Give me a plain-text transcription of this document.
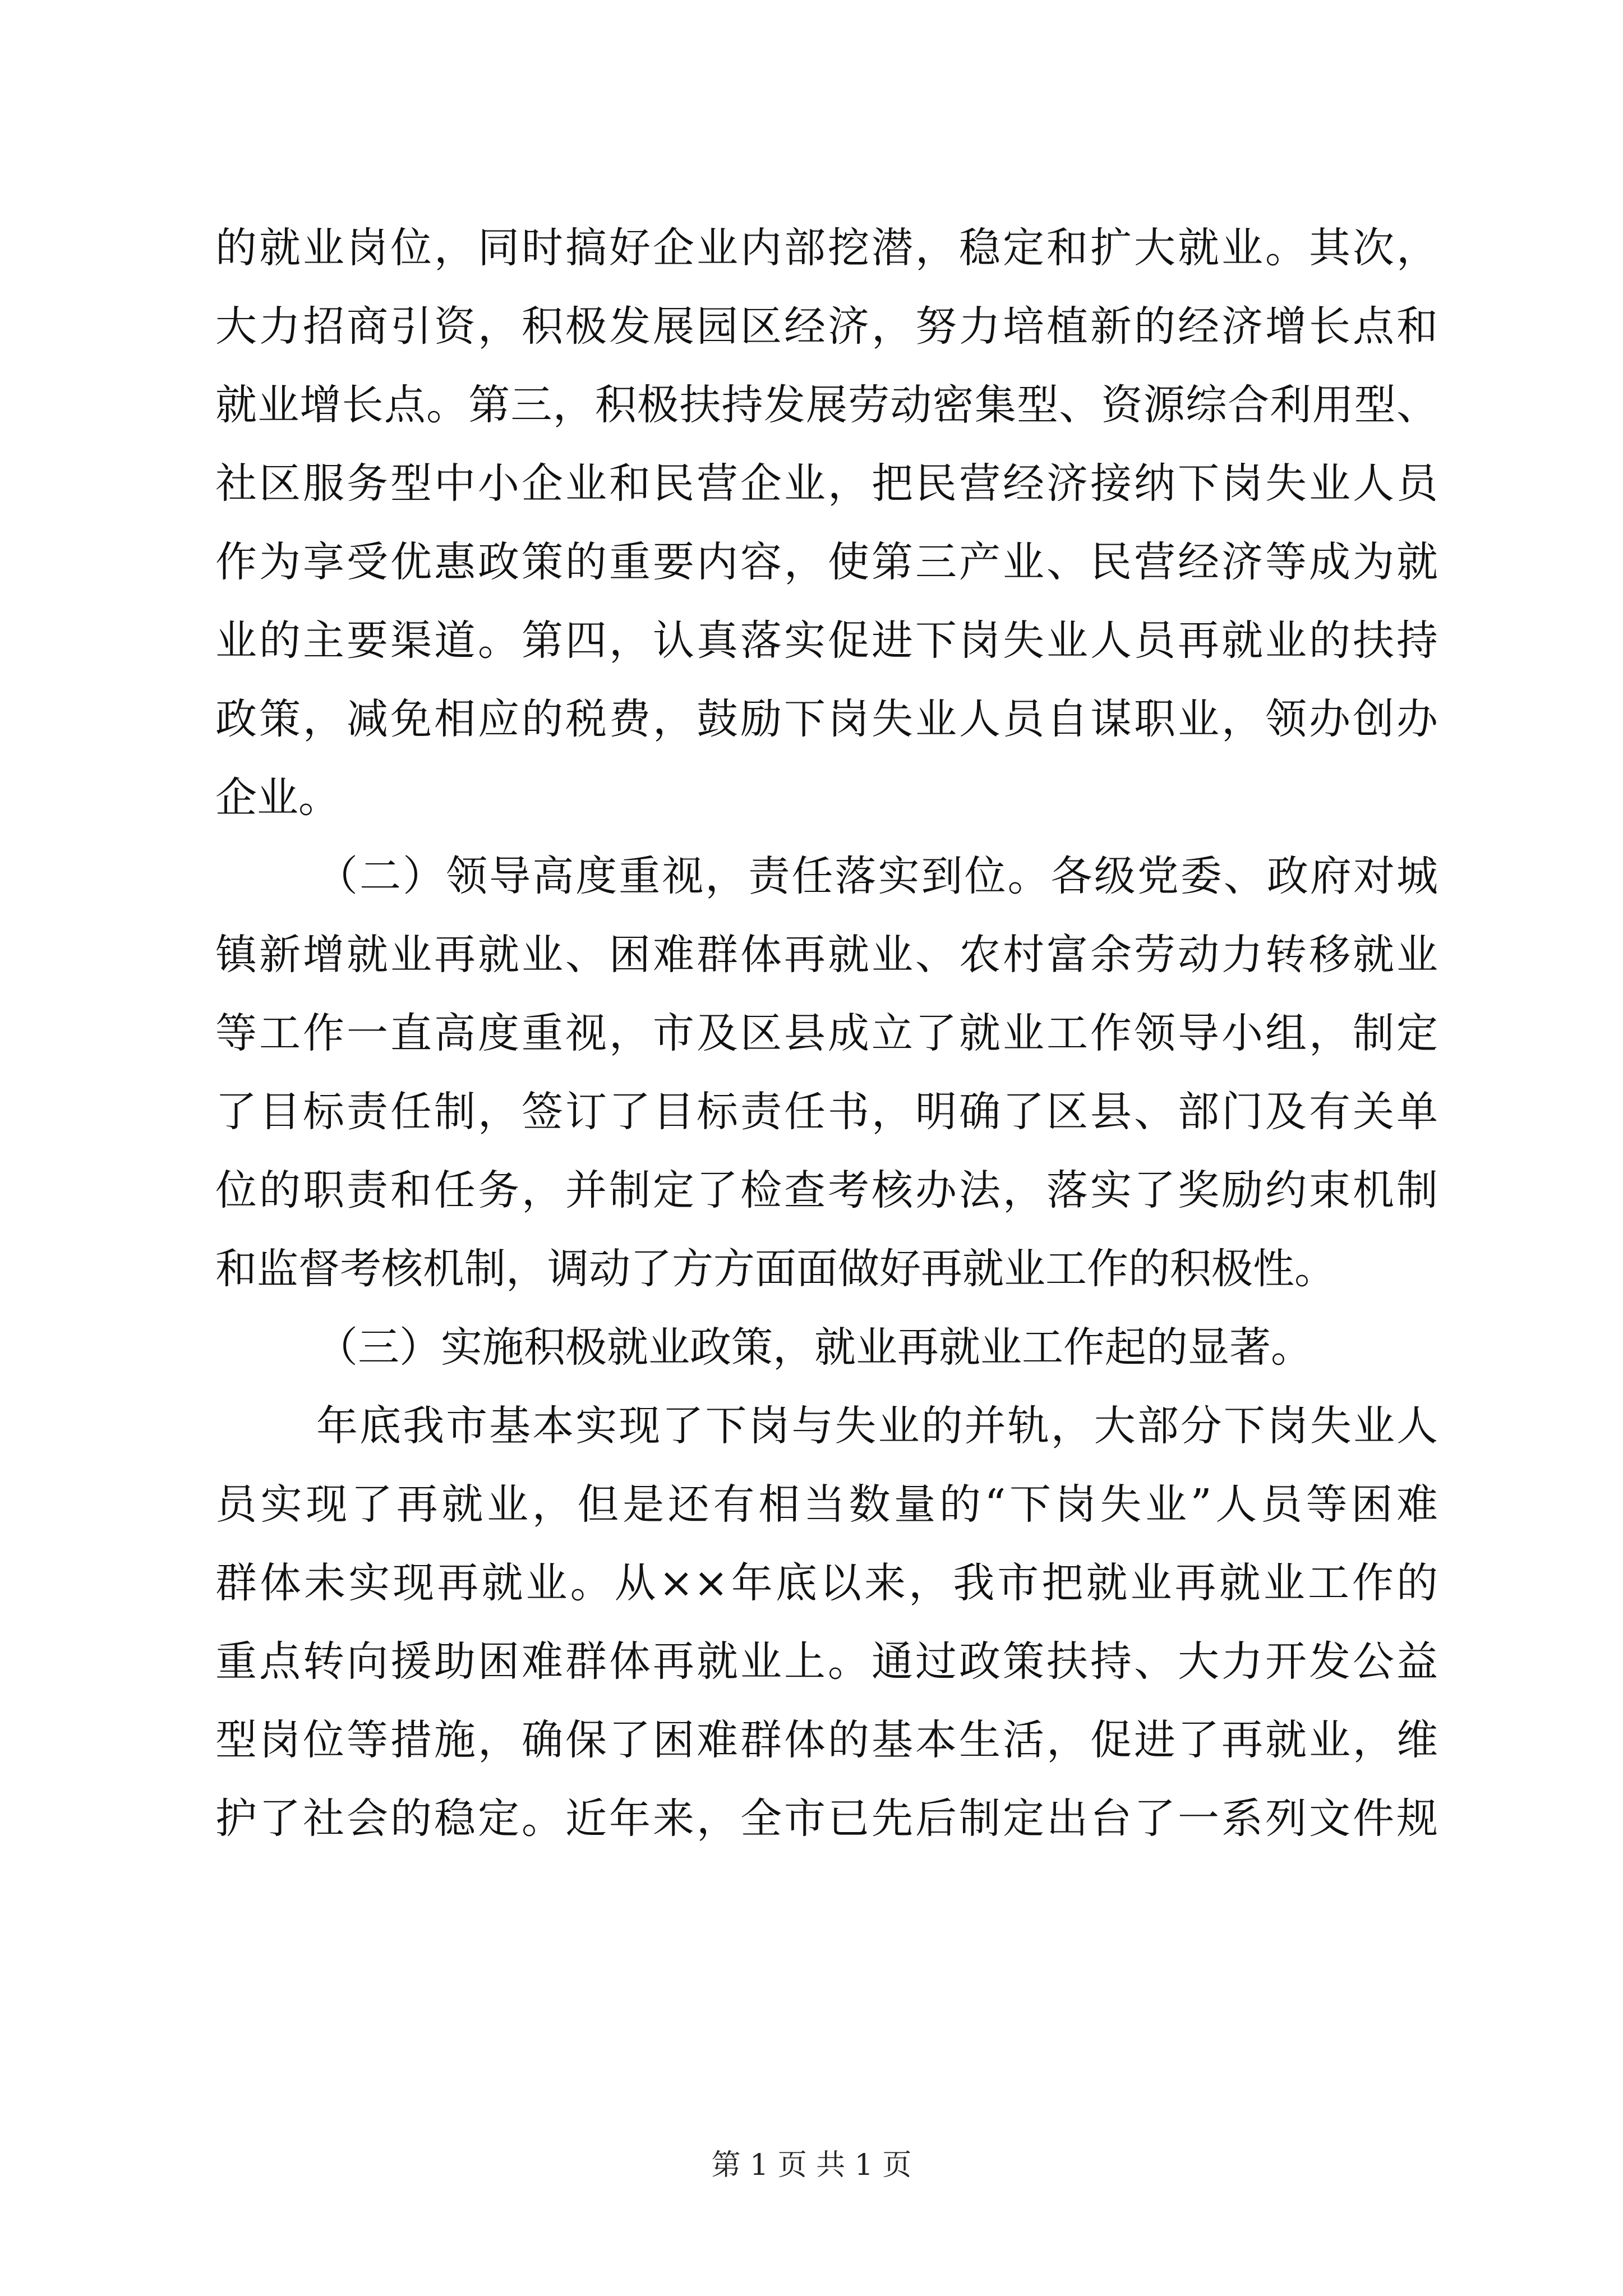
的就业岗位，同时搞好企业内部挖潜，稳定和扩大就业。其次，
大力招商引资，积极发展园区经济，努力培植新的经济增长点和
就业增长点。第三，积极扶持发展劳动密集型、资源综合利用型、
社区服务型中小企业和民营企业，把民营经济接纳下岗失业人员
作为享受优惠政策的重要内容，使第三产业、民营经济等成为就
业的主要渠道。第四，认真落实促进下岗失业人员再就业的扶持
政策，减免相应的税费，鼓励下岗失业人员自谋职业，领办创办
企业。
（二）领导高度重视，责任落实到位。各级党委、政府对城
镇新增就业再就业、困难群体再就业、农村富余劳动力转移就业
等工作一直高度重视，市及区县成立了就业工作领导小组，制定
了目标责任制，签订了目标责任书，明确了区县、部门及有关单
位的职责和任务，并制定了检查考核办法，落实了奖励约束机制
和监督考核机制，调动了方方面面做好再就业工作的积极性。
（三）实施积极就业政策，就业再就业工作起的显著。
年底我市基本实现了下岗与失业的并轨，大部分下岗失业人
员实现了再就业，但是还有相当数量的“下岗失业”人员等困难
群体未实现再就业。从××年底以来，我市把就业再就业工作的
重点转向援助困难群体再就业上。通过政策扶持、大力开发公益
型岗位等措施，确保了困难群体的基本生活，促进了再就业，维
护了社会的稳定。近年来，全市已先后制定出台了一系列文件规
第 1 页 共 1 页
